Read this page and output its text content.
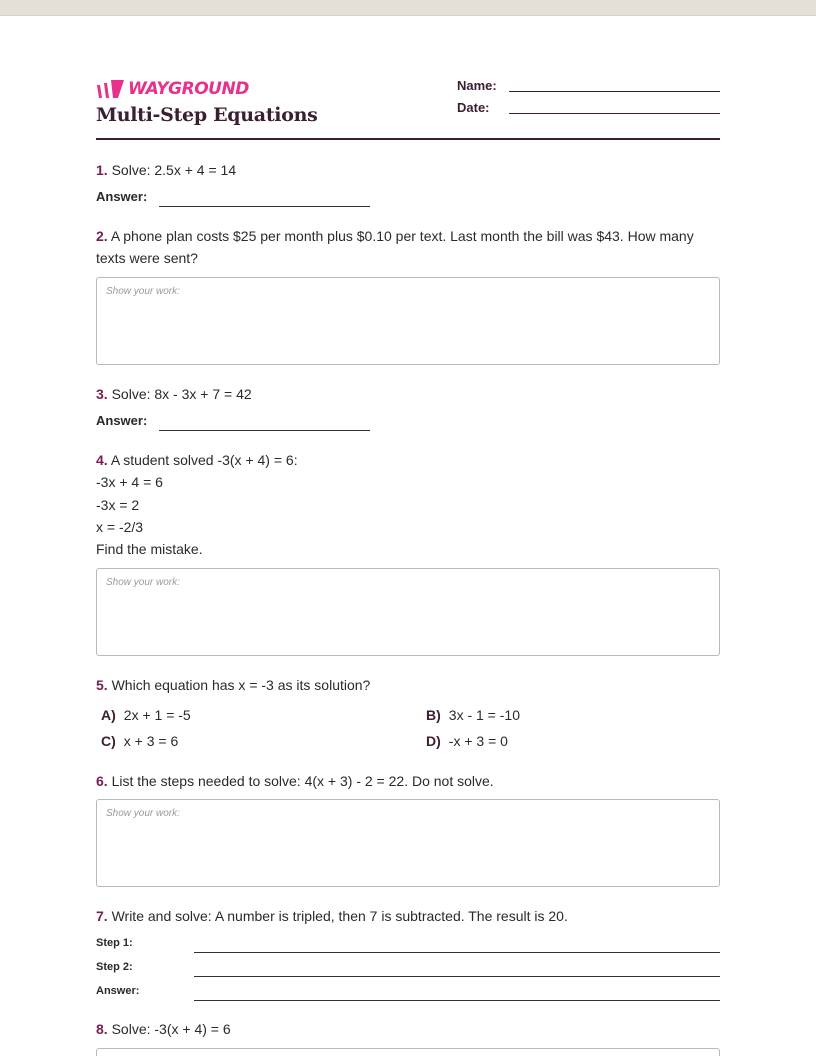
WAYGROUND
Multi-Step Equations
Name:
Date:
1. Solve: 2.5x + 4 = 14
Answer:
2. A phone plan costs $25 per month plus $0.10 per text. Last month the bill was $43. How many texts were sent?
Show your work:
3. Solve: 8x - 3x + 7 = 42
Answer:
4. A student solved -3(x + 4) = 6:
-3x + 4 = 6
-3x = 2
x = -2/3
Find the mistake.
Show your work:
5. Which equation has x = -3 as its solution?
A) 2x + 1 = -5	B) 3x - 1 = -10
C) x + 3 = 6	D) -x + 3 = 0
6. List the steps needed to solve: 4(x + 3) - 2 = 22. Do not solve.
Show your work:
7. Write and solve: A number is tripled, then 7 is subtracted. The result is 20.
Step 1:
Step 2:
Answer:
8. Solve: -3(x + 4) = 6
